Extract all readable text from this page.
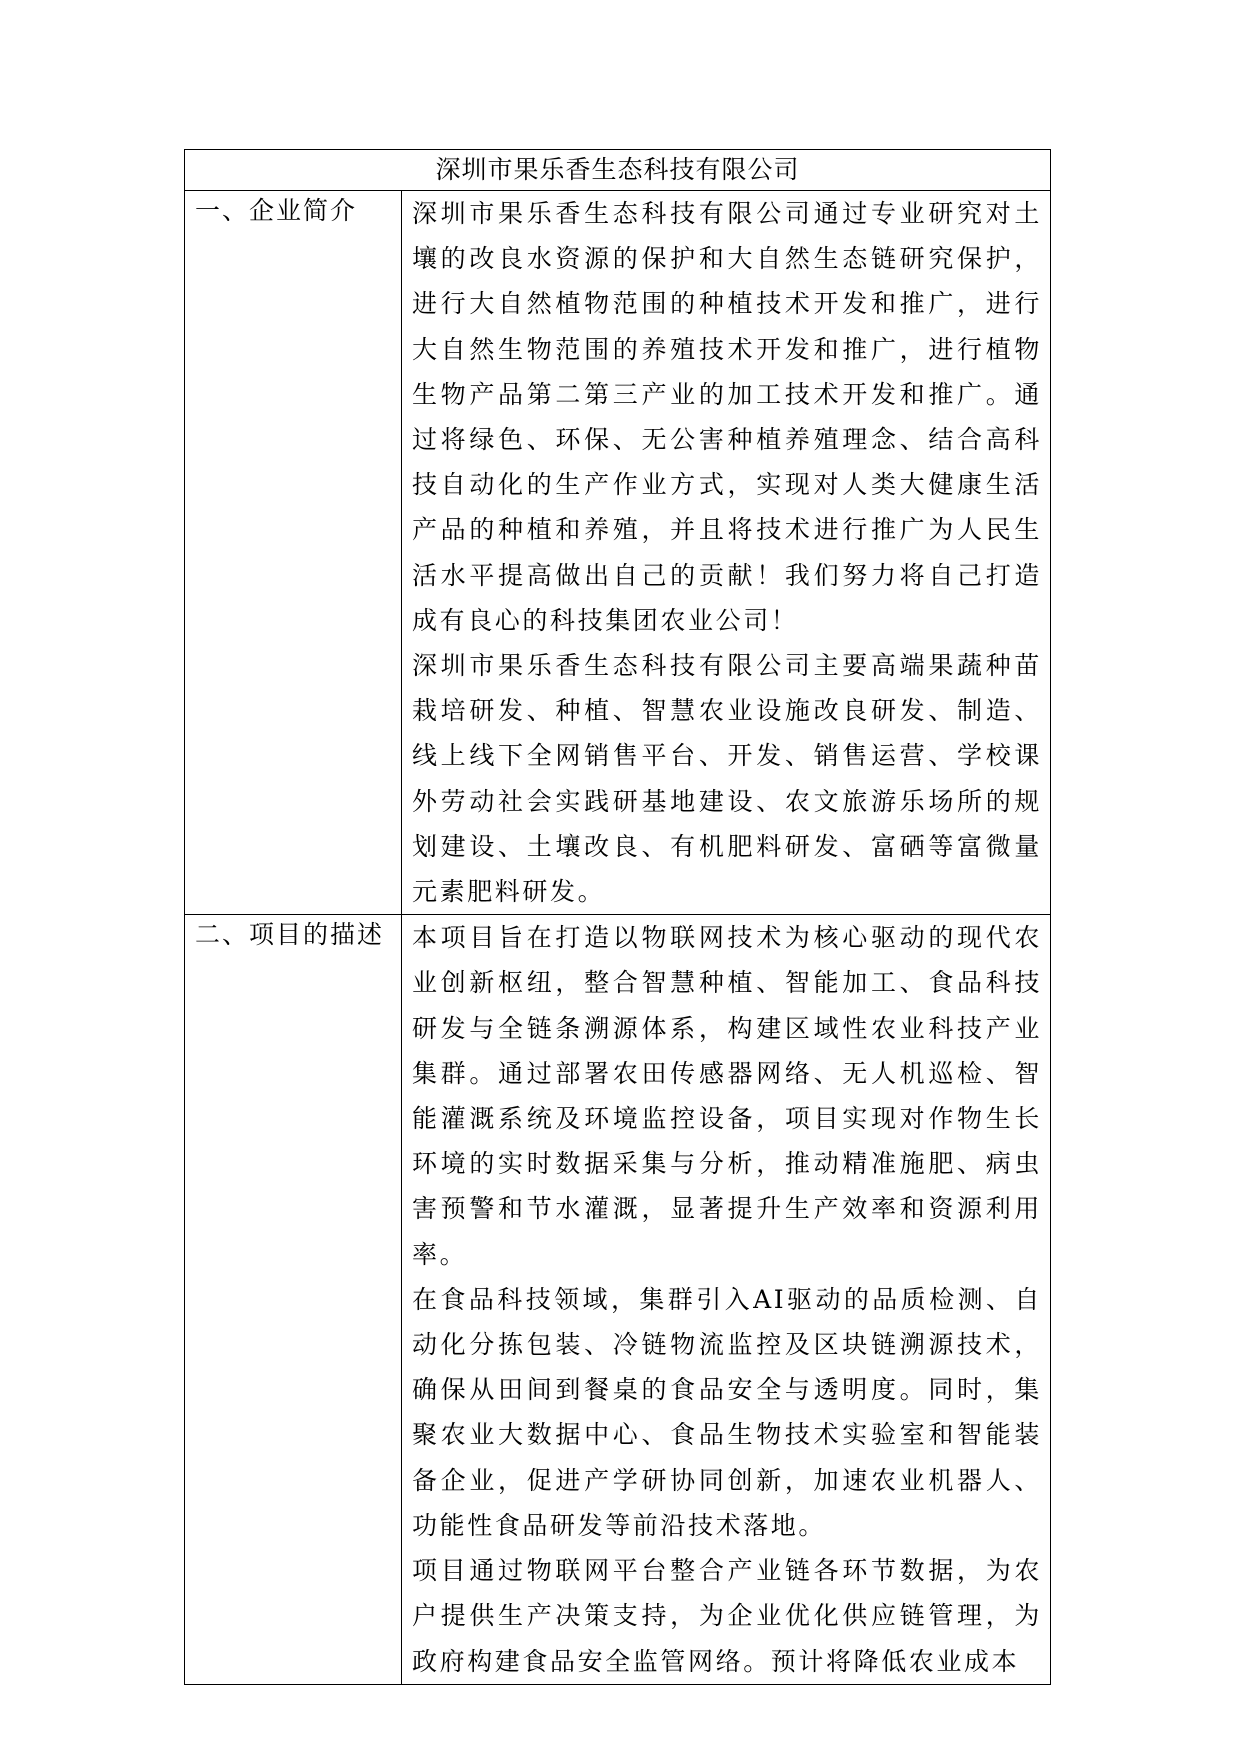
深圳市果乐香生态科技有限公司	
一、企业简介	深圳市果乐香生态科技有限公司通过专业研究对土壤的改良水资源的保护和大自然生态链研究保护，进行大自然植物范围的种植技术开发和推广，进行大自然生物范围的养殖技术开发和推广，进行植物生物产品第二第三产业的加工技术开发和推广。通过将绿色、环保、无公害种植养殖理念、结合高科技自动化的生产作业方式，实现对人类大健康生活产品的种植和养殖，并且将技术进行推广为人民生活水平提高做出自己的贡献！我们努力将自己打造成有良心的科技集团农业公司！

深圳市果乐香生态科技有限公司主要高端果蔬种苗栽培研发、种植、智慧农业设施改良研发、制造、线上线下全网销售平台、开发、销售运营、学校课外劳动社会实践研基地建设、农文旅游乐场所的规划建设、土壤改良、有机肥料研发、富硒等富微量元素肥料研发。

二、项目的描述	本项目旨在打造以物联网技术为核心驱动的现代农业创新枢纽，整合智慧种植、智能加工、食品科技研发与全链条溯源体系，构建区域性农业科技产业集群。通过部署农田传感器网络、无人机巡检、智能灌溉系统及环境监控设备，项目实现对作物生长环境的实时数据采集与分析，推动精准施肥、病虫害预警和节水灌溉，显著提升生产效率和资源利用率。

在食品科技领域，集群引入AI驱动的品质检测、自动化分拣包装、冷链物流监控及区块链溯源技术，确保从田间到餐桌的食品安全与透明度。同时，集聚农业大数据中心、食品生物技术实验室和智能装备企业，促进产学研协同创新，加速农业机器人、功能性食品研发等前沿技术落地。

项目通过物联网平台整合产业链各环节数据，为农户提供生产决策支持，为企业优化供应链管理，为政府构建食品安全监管网络。预计将降低农业成本
